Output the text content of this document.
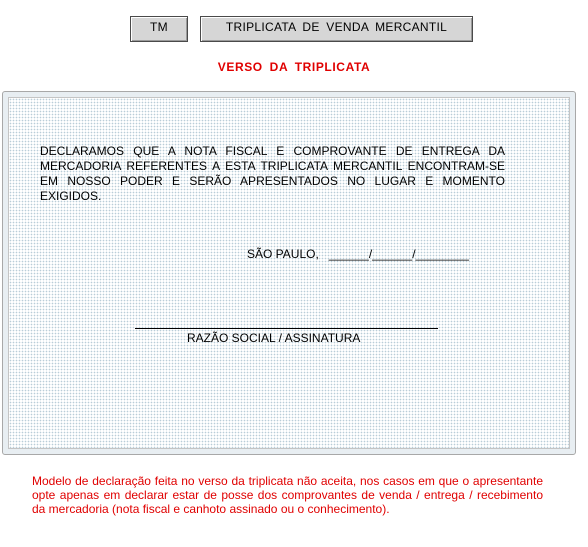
TM	TRIPLICATA DE VENDA MERCANTIL
VERSO DA TRIPLICATA

DECLARAMOS QUE A NOTA FISCAL E COMPROVANTE DE ENTREGA DA MERCADORIA REFERENTES A ESTA TRIPLICATA MERCANTIL ENCONTRAM-SE EM NOSSO PODER E SERÃO APRESENTADOS NO LUGAR E MOMENTO EXIGIDOS.

SÃO PAULO,   ______/______/________

RAZÃO SOCIAL / ASSINATURA

Modelo de declaração feita no verso da triplicata não aceita, nos casos em que o apresentante opte apenas em declarar estar de posse dos comprovantes de venda / entrega / recebimento da mercadoria (nota fiscal e canhoto assinado ou o conhecimento).
